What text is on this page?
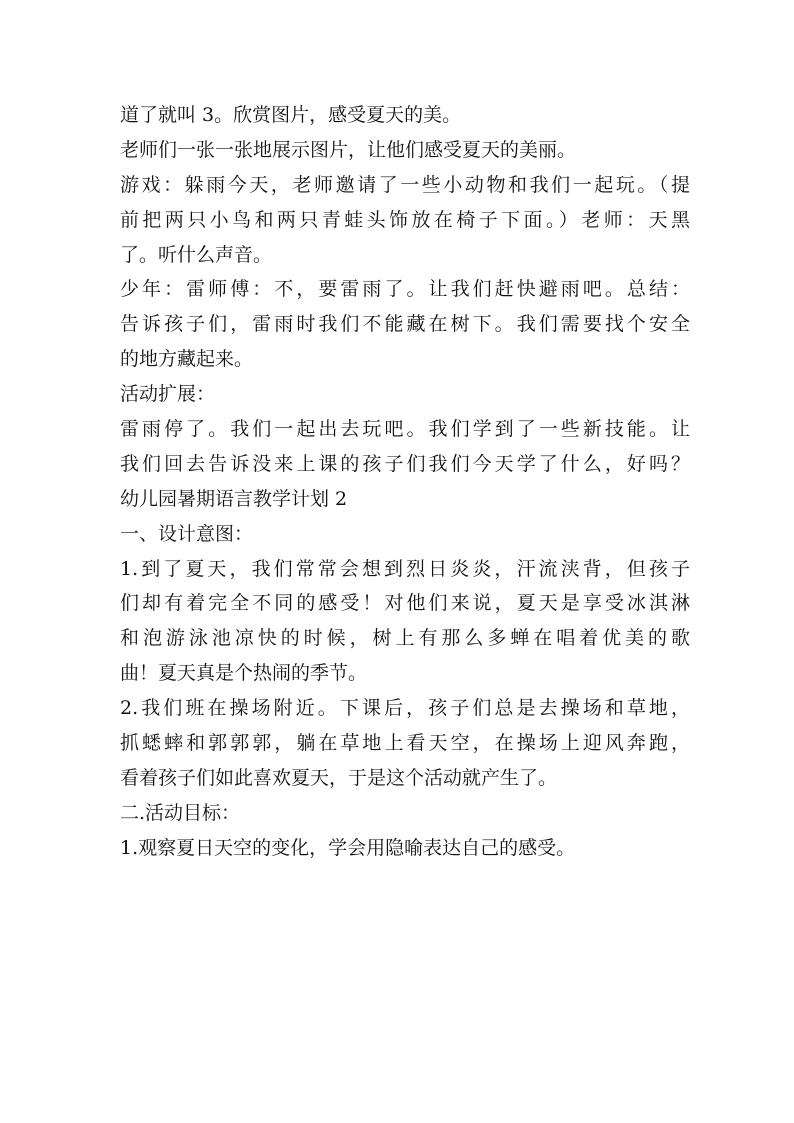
道了就叫 3。欣赏图片，感受夏天的美。
老师们一张一张地展示图片，让他们感受夏天的美丽。
游戏：躲雨今天，老师邀请了一些小动物和我们一起玩。（提
前把两只小鸟和两只青蛙头饰放在椅子下面。）老师：天黑
了。听什么声音。
少年：雷师傅：不，要雷雨了。让我们赶快避雨吧。总结：
告诉孩子们，雷雨时我们不能藏在树下。我们需要找个安全
的地方藏起来。
活动扩展：
雷雨停了。我们一起出去玩吧。我们学到了一些新技能。让
我们回去告诉没来上课的孩子们我们今天学了什么，好吗？
幼儿园暑期语言教学计划 2
一、设计意图：
1.到了夏天，我们常常会想到烈日炎炎，汗流浃背，但孩子
们却有着完全不同的感受！对他们来说，夏天是享受冰淇淋
和泡游泳池凉快的时候，树上有那么多蝉在唱着优美的歌
曲！夏天真是个热闹的季节。
2.我们班在操场附近。下课后，孩子们总是去操场和草地，
抓蟋蟀和郭郭郭，躺在草地上看天空，在操场上迎风奔跑，
看着孩子们如此喜欢夏天，于是这个活动就产生了。
二.活动目标：
1.观察夏日天空的变化，学会用隐喻表达自己的感受。
